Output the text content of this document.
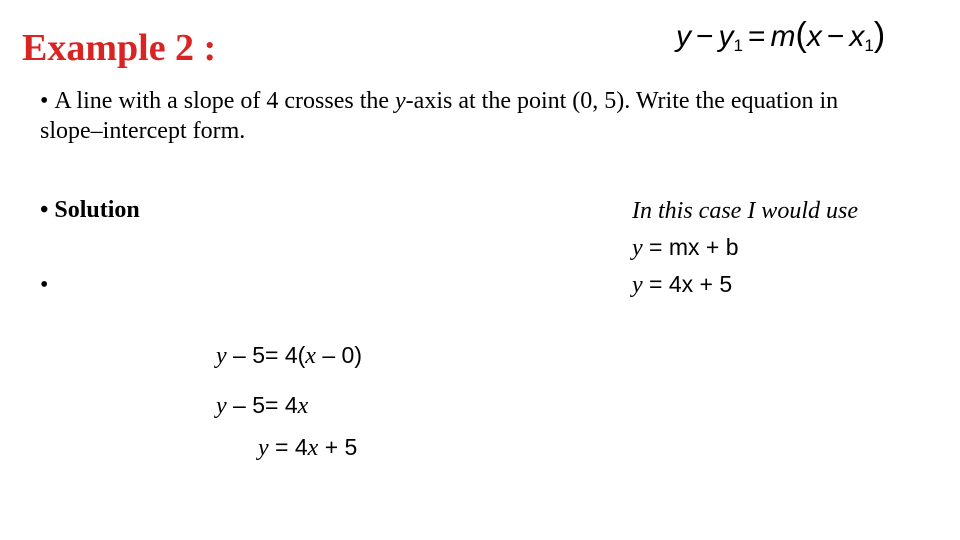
Example 2 :	$y - y_1 = m(x - x_1)$
• A line with a slope of 4 crosses the y-axis at the point (0, 5). Write the equation in slope–intercept form.
• Solution
•
In this case I would use
y = mx + b
y = 4x + 5
y – 5= 4(x – 0)
y – 5= 4x
y = 4x + 5
